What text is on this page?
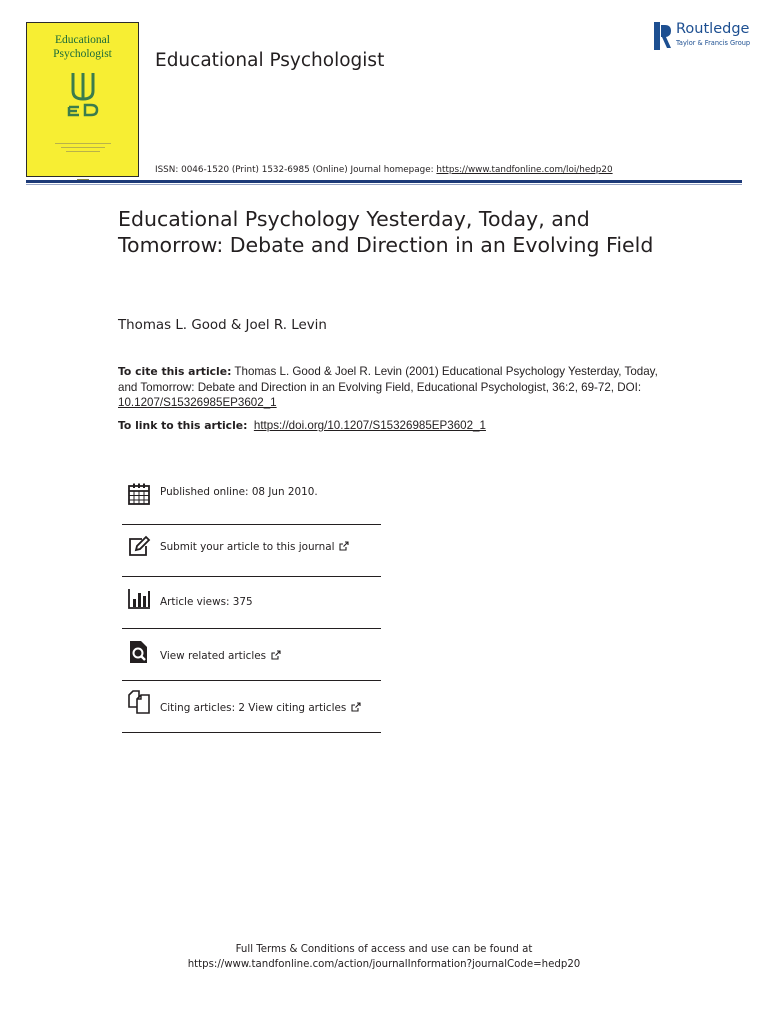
Educational
Psychologist	Educational Psychologist
Routledge
Taylor & Francis Group
ISSN: 0046-1520 (Print) 1532-6985 (Online) Journal homepage: https://www.tandfonline.com/loi/hedp20
Educational Psychology Yesterday, Today, and Tomorrow: Debate and Direction in an Evolving Field
Thomas L. Good & Joel R. Levin
To cite this article: Thomas L. Good & Joel R. Levin (2001) Educational Psychology Yesterday, Today, and Tomorrow: Debate and Direction in an Evolving Field, Educational Psychologist, 36:2, 69-72, DOI: 10.1207/S15326985EP3602_1
To link to this article: https://doi.org/10.1207/S15326985EP3602_1
Published online: 08 Jun 2010.
Submit your article to this journal
Article views: 375
View related articles
Citing articles: 2 View citing articles
Full Terms & Conditions of access and use can be found at
https://www.tandfonline.com/action/journalInformation?journalCode=hedp20
